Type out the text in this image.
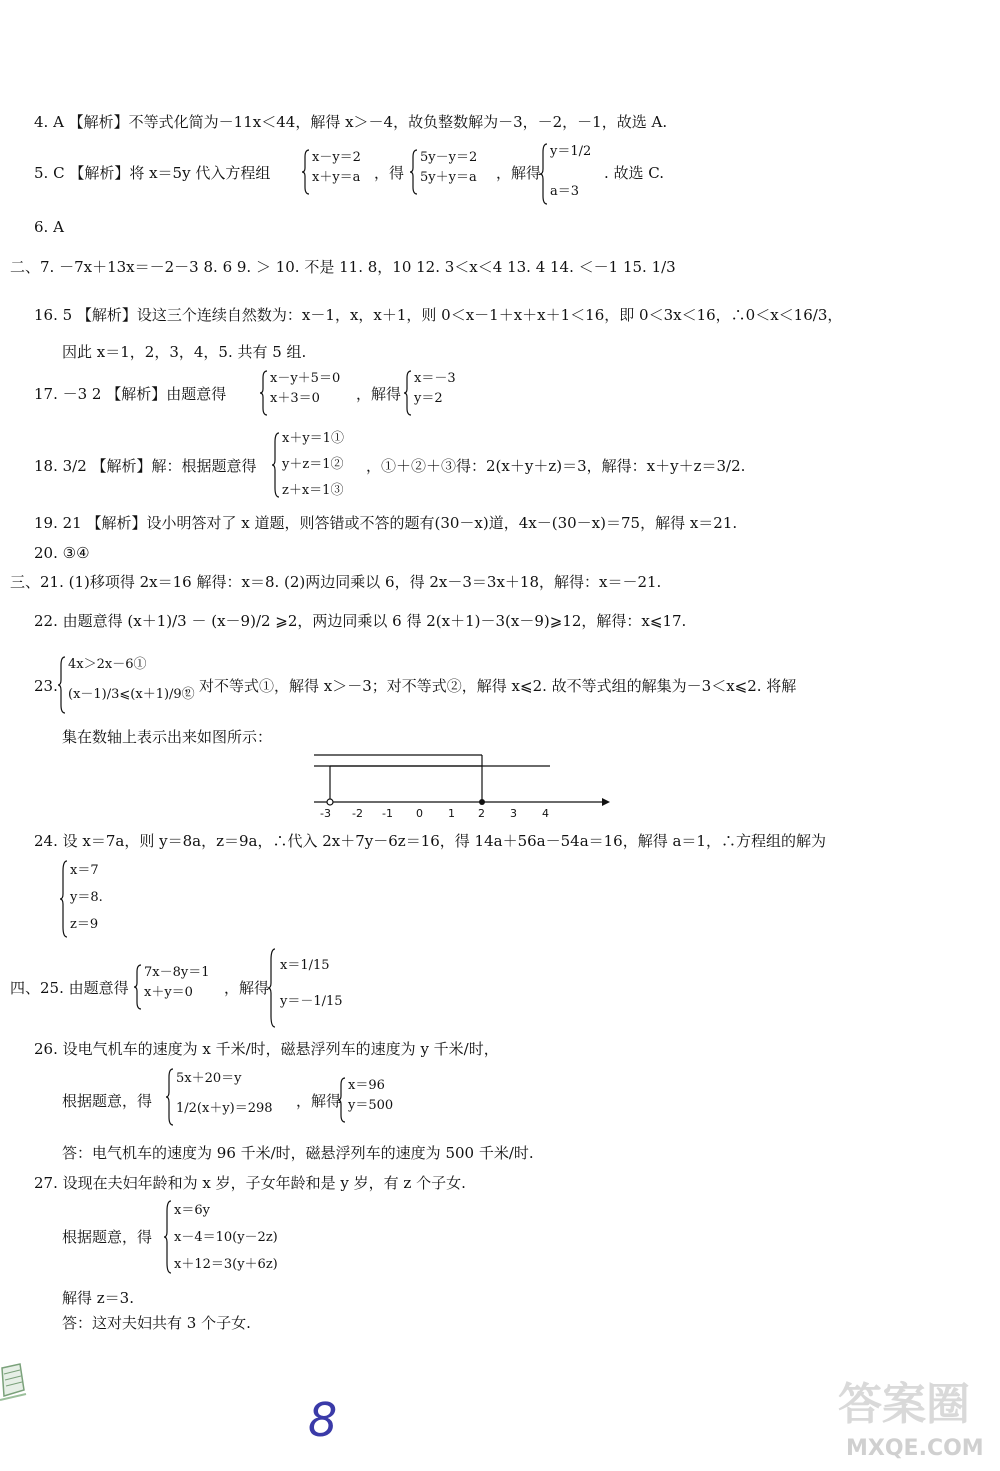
4. A 【解析】不等式化简为－11x＜44，解得 x＞－4，故负整数解为－3，－2，－1，故选 A.
5. C 【解析】将 x＝5y 代入方程组
x－y＝2
x＋y＝a ，得
5y－y＝2
5y＋y＝a ，解得
y＝1/2
a＝3
. 故选 C.
6. A
二、7. －7x＋13x＝－2－3 8. 6 9. ＞ 10. 不是 11. 8，10 12. 3＜x＜4 13. 4 14. ＜－1 15. 1/3
16. 5 【解析】设这三个连续自然数为：x－1，x，x＋1，则 0＜x－1＋x＋x＋1＜16，即 0＜3x＜16，∴0＜x＜16/3，
因此 x＝1，2，3，4，5. 共有 5 组.
17. －3 2 【解析】由题意得
x－y＋5＝0
x＋3＝0	，解得
x＝－3
y＝2
18. 3/2 【解析】解：根据题意得
x＋y＝1①
y＋z＝1②
z＋x＝1③
，①＋②＋③得：2(x＋y＋z)＝3，解得：x＋y＋z＝3/2.
19. 21 【解析】设小明答对了 x 道题，则答错或不答的题有(30－x)道，4x－(30－x)＝75，解得 x＝21.
20. ③④
三、21. (1)移项得 2x＝16 解得：x＝8. (2)两边同乘以 6，得 2x－3＝3x＋18，解得：x＝－21.
22. 由题意得 (x＋1)/3 － (x－9)/2 ⩾2，两边同乘以 6 得 2(x＋1)－3(x－9)⩾12，解得：x⩽17.
23.
4x＞2x－6①
(x－1)/3⩽(x＋1)/9②
，对不等式①，解得 x＞－3；对不等式②，解得 x⩽2. 故不等式组的解集为－3＜x⩽2. 将解
集在数轴上表示出来如图所示：
-3 -2 -1 0 1 2 3 4
24. 设 x＝7a，则 y＝8a，z＝9a，∴代入 2x＋7y－6z＝16，得 14a＋56a－54a＝16，解得 a＝1，∴方程组的解为
x＝7
y＝8.
z＝9
四、25. 由题意得
7x－8y＝1
x＋y＝0	，解得
x＝1/15
y＝－1/15
26. 设电气机车的速度为 x 千米/时，磁悬浮列车的速度为 y 千米/时，
根据题意，得
5x＋20＝y
1/2(x＋y)＝298 ，解得
x＝96
y＝500
答：电气机车的速度为 96 千米/时，磁悬浮列车的速度为 500 千米/时.
27. 设现在夫妇年龄和为 x 岁，子女年龄和是 y 岁，有 z 个子女.
根据题意，得
x＝6y
x－4＝10(y－2z)
x＋12＝3(y＋6z)
解得 z＝3.
答：这对夫妇共有 3 个子女.
8	答案圈
MXQE.COM
